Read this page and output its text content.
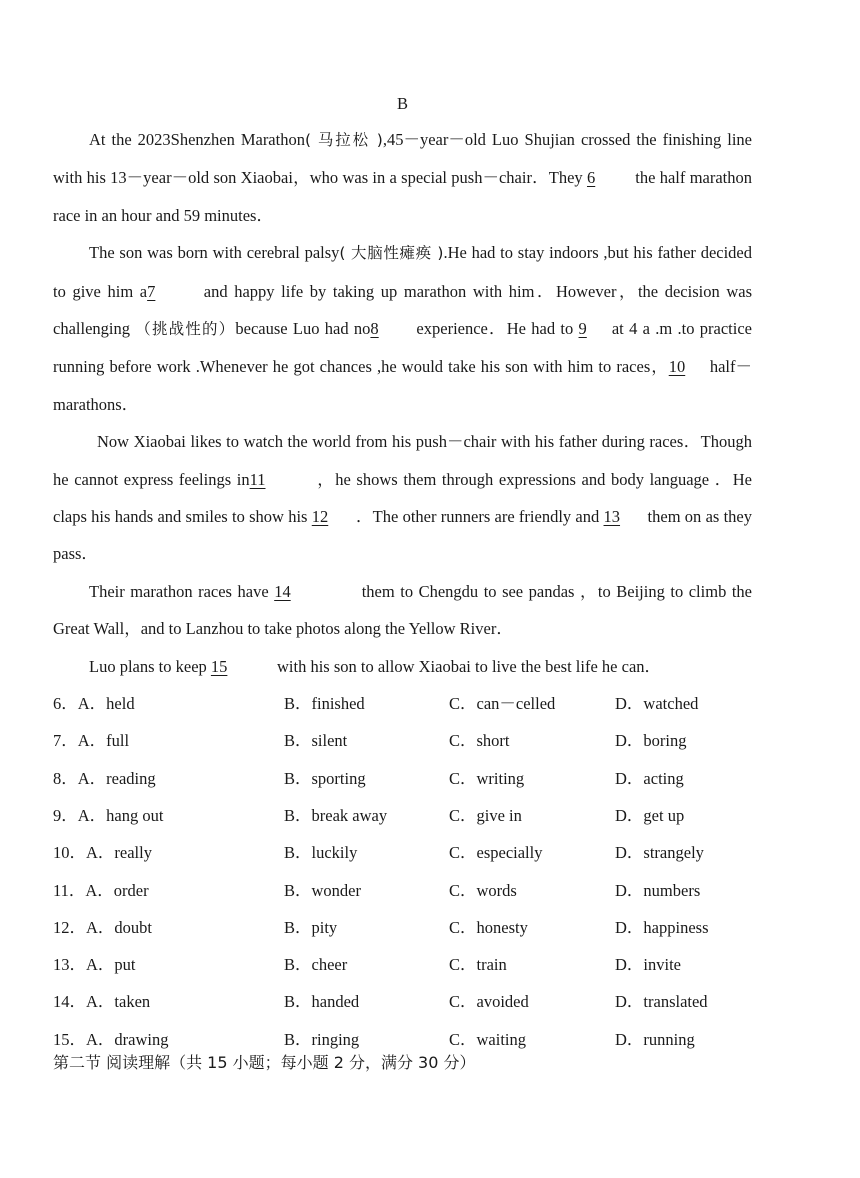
B

At the 2023Shenzhen Marathon( 马拉松 ),45－year－old Luo Shujian crossed the finishing line with his 13－year－old son Xiaobai，who was in a special push－chair．They 6 the half marathon race in an hour and 59 minutes．

The son was born with cerebral palsy( 大脑性瘫痪 ).He had to stay indoors ,but his father decided to give him a7	and happy life by taking up marathon with him．However，the decision was challenging （挑战性的）because Luo had no8 experience．He had to 9 at 4 a .m .to practice running before work .Whenever he got chances ,he would take his son with him to races，10 half－marathons．

Now Xiaobai likes to watch the world from his push－chair with his father during races．Though he cannot express feelings in11	，he shows them through expressions and body language ．He claps his hands and smiles to show his 12 ．The other runners are friendly and 13 them on as they pass．

Their marathon races have 14	them to Chengdu to see pandas ，to Beijing to climb the Great Wall，and to Lanzhou to take photos along the Yellow River．

Luo plans to keep 15	with his son to allow Xiaobai to live the best life he can．

6．A．held	B．finished	C．can－celled	D．watched
7．A．full	B．silent	C．short	D．boring
8．A．reading	B．sporting	C．writing	D．acting
9．A．hang out	B．break away	C．give in	D．get up
10．A．really	B．luckily	C．especially	D．strangely
11．A．order	B．wonder	C．words	D．numbers
12．A．doubt	B．pity	C．honesty	D．happiness
13．A．put	B．cheer	C．train	D．invite
14．A．taken	B．handed	C．avoided	D．translated
15．A．drawing	B．ringing	C．waiting	D．running
第二节 阅读理解（共 15 小题；每小题 2 分，满分 30 分）
